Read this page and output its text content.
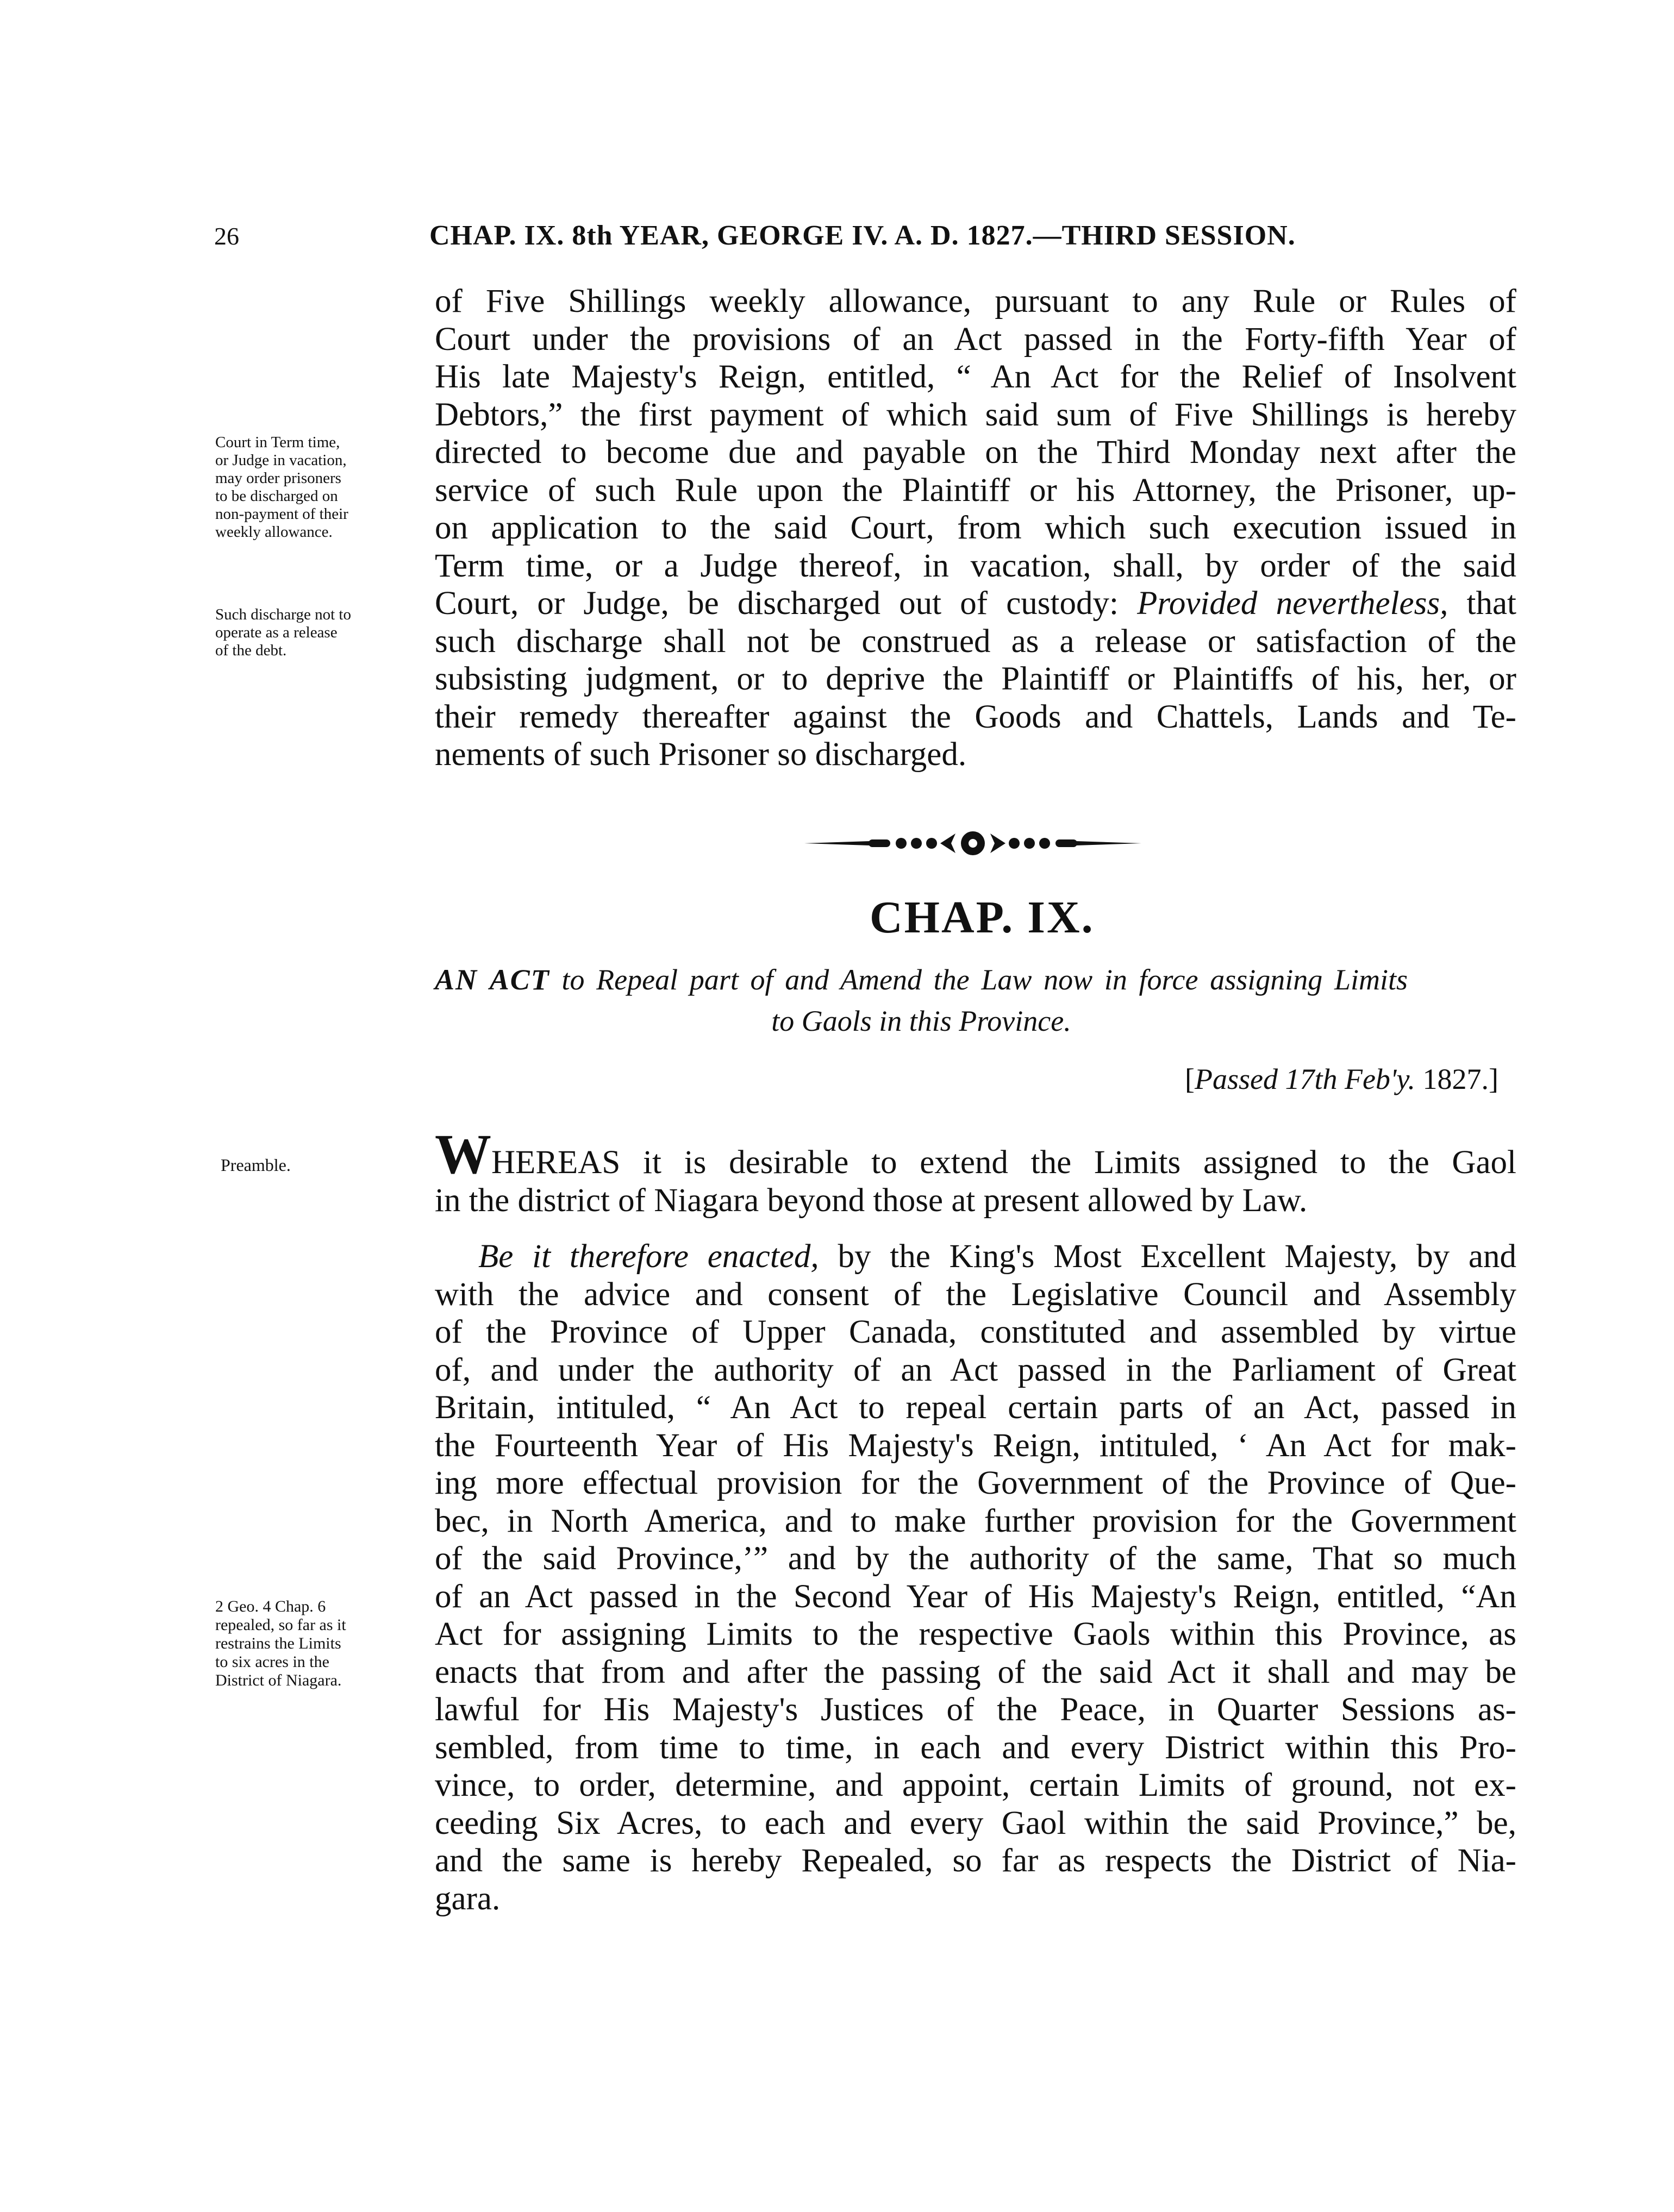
26	CHAP. IX. 8th YEAR, GEORGE IV. A. D. 1827.—THIRD SESSION.
of Five Shillings weekly allowance, pursuant to any Rule or Rules of
Court under the provisions of an Act passed in the Forty-fifth Year of
His late Majesty's Reign, entitled, “ An Act for the Relief of Insolvent
Debtors,” the first payment of which said sum of Five Shillings is hereby
directed to become due and payable on the Third Monday next after the
service of such Rule upon the Plaintiff or his Attorney, the Prisoner, up-
on application to the said Court, from which such execution issued in
Term time, or a Judge thereof, in vacation, shall, by order of the said
Court, or Judge, be discharged out of custody: Provided nevertheless, that
such discharge shall not be construed as a release or satisfaction of the
subsisting judgment, or to deprive the Plaintiff or Plaintiffs of his, her, or
their remedy thereafter against the Goods and Chattels, Lands and Te-
nements of such Prisoner so discharged.
Court in Term time,
or Judge in vacation,
may order prisoners
to be discharged on
non-payment of their
weekly allowance.
Such discharge not to
operate as a release
of the debt.
Preamble.
2 Geo. 4 Chap. 6
repealed, so far as it
restrains the Limits
to six acres in the
District of Niagara.
CHAP. IX.
AN ACT to Repeal part of and Amend the Law now in force assigning Limits
to Gaols in this Province.
[Passed 17th Feb'y. 1827.]
WHEREAS it is desirable to extend the Limits assigned to the Gaol
in the district of Niagara beyond those at present allowed by Law.
Be it therefore enacted, by the King's Most Excellent Majesty, by and
with the advice and consent of the Legislative Council and Assembly
of the Province of Upper Canada, constituted and assembled by virtue
of, and under the authority of an Act passed in the Parliament of Great
Britain, intituled, “ An Act to repeal certain parts of an Act, passed in
the Fourteenth Year of His Majesty's Reign, intituled, ‘ An Act for mak-
ing more effectual provision for the Government of the Province of Que-
bec, in North America, and to make further provision for the Government
of the said Province,’” and by the authority of the same, That so much
of an Act passed in the Second Year of His Majesty's Reign, entitled, “An
Act for assigning Limits to the respective Gaols within this Province, as
enacts that from and after the passing of the said Act it shall and may be
lawful for His Majesty's Justices of the Peace, in Quarter Sessions as-
sembled, from time to time, in each and every District within this Pro-
vince, to order, determine, and appoint, certain Limits of ground, not ex-
ceeding Six Acres, to each and every Gaol within the said Province,” be,
and the same is hereby Repealed, so far as respects the District of Nia-
gara.
